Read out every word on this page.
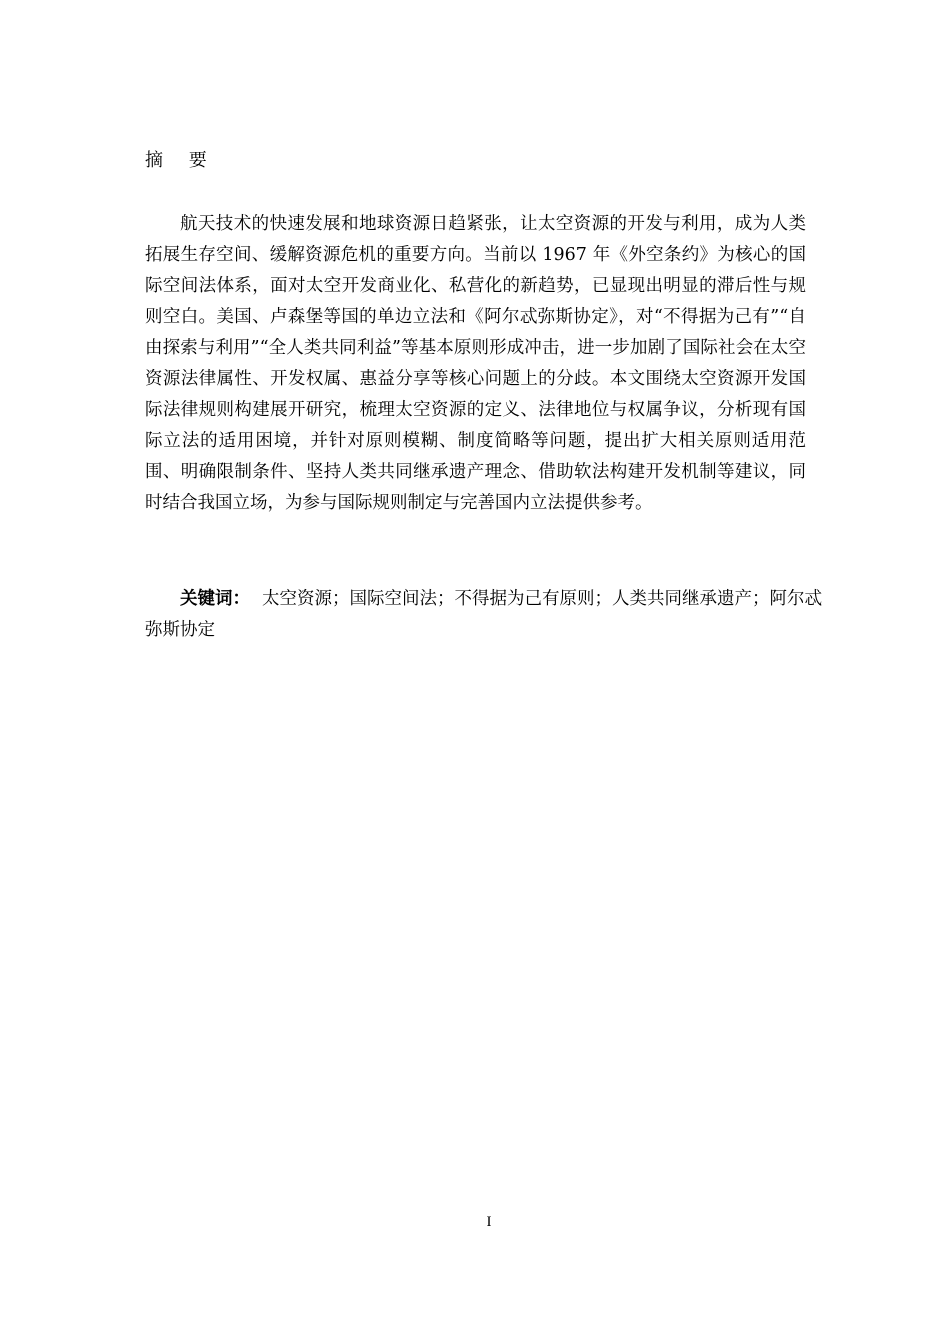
摘 要

航天技术的快速发展和地球资源日趋紧张，让太空资源的开发与利用，成为人类拓展生存空间、缓解资源危机的重要方向。当前以 1967 年《外空条约》为核心的国际空间法体系，面对太空开发商业化、私营化的新趋势，已显现出明显的滞后性与规则空白。美国、卢森堡等国的单边立法和《阿尔忒弥斯协定》，对“不得据为己有”“自由探索与利用”“全人类共同利益”等基本原则形成冲击，进一步加剧了国际社会在太空资源法律属性、开发权属、惠益分享等核心问题上的分歧。本文围绕太空资源开发国际法律规则构建展开研究，梳理太空资源的定义、法律地位与权属争议，分析现有国际立法的适用困境，并针对原则模糊、制度简略等问题，提出扩大相关原则适用范围、明确限制条件、坚持人类共同继承遗产理念、借助软法构建开发机制等建议，同时结合我国立场，为参与国际规则制定与完善国内立法提供参考。

关键词： 太空资源；国际空间法；不得据为己有原则；人类共同继承遗产；阿尔忒弥斯协定

I
